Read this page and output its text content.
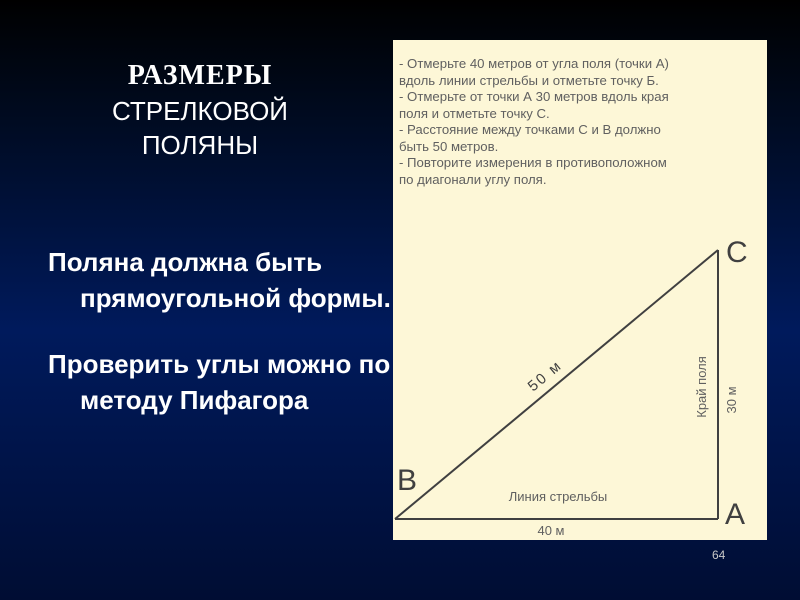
РАЗМЕРЫ
СТРЕЛКОВОЙ
ПОЛЯНЫ

Поляна должна быть прямоугольной формы.

Проверить углы можно по методу Пифагора

- Отмерьте 40 метров от угла поля (точки А)
вдоль линии стрельбы и отметьте точку Б.
- Отмерьте от точки А 30 метров вдоль края
поля и отметьте точку С.
- Расстояние между точками С и В должно
быть 50 метров.
- Повторите измерения в противоположном
по диагонали углу поля.
C
B
A
50 м	Край поля 30 м
Линия стрельбы
40 м
64
